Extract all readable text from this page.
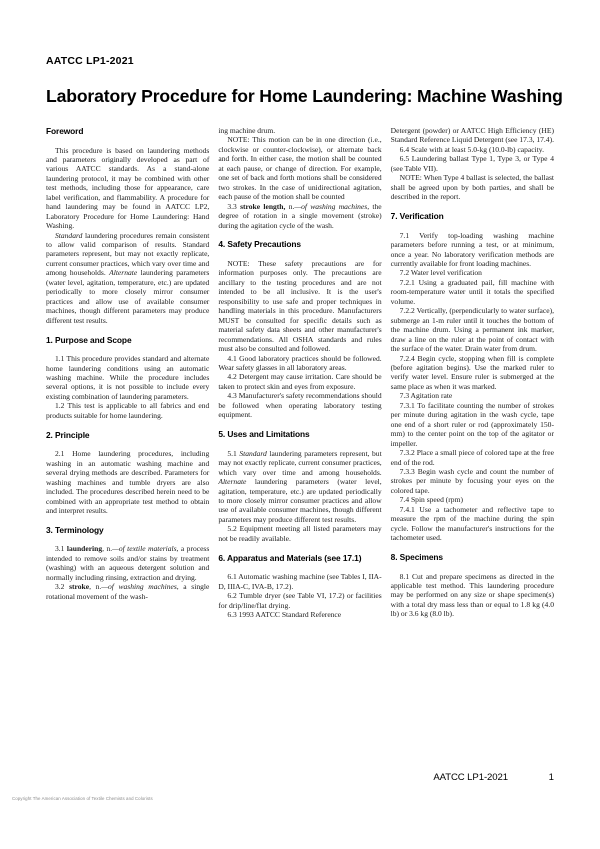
AATCC LP1-2021
Laboratory Procedure for Home Laundering: Machine Washing
Foreword

This procedure is based on laundering methods and parameters originally developed as part of various AATCC standards. As a stand-alone laundering protocol, it may be combined with other test methods, including those for appearance, care label verification, and flammability. A procedure for hand laundering may be found in AATCC LP2, Laboratory Procedure for Home Laundering: Hand Washing.

Standard laundering procedures remain consistent to allow valid comparison of results. Standard parameters represent, but may not exactly replicate, current consumer practices, which vary over time and among households. Alternate laundering parameters (water level, agitation, temperature, etc.) are updated periodically to more closely mirror consumer practices and allow use of available consumer machines, though different parameters may produce different test results.

1. Purpose and Scope

1.1 This procedure provides standard and alternate home laundering conditions using an automatic washing machine. While the procedure includes several options, it is not possible to include every existing combination of laundering parameters.

1.2 This test is applicable to all fabrics and end products suitable for home laundering.

2. Principle

2.1 Home laundering procedures, including washing in an automatic washing machine and several drying methods are described. Parameters for washing machines and tumble dryers are also included. The procedures described herein need to be combined with an appropriate test method to obtain and interpret results.

3. Terminology

3.1 laundering, n.—of textile materials, a process intended to remove soils and/or stains by treatment (washing) with an aqueous detergent solution and normally including rinsing, extraction and drying.

3.2 stroke, n.—of washing machines, a single rotational movement of the wash-

ing machine drum.

NOTE: This motion can be in one direction (i.e., clockwise or counter-clockwise), or alternate back and forth. In either case, the motion shall be counted at each pause, or change of direction. For example, one set of back and forth motions shall be considered two strokes. In the case of unidirectional agitation, each pause of the motion shall be counted

3.3 stroke length, n.—of washing machines, the degree of rotation in a single movement (stroke) during the agitation cycle of the wash.

4. Safety Precautions

NOTE: These safety precautions are for information purposes only. The precautions are ancillary to the testing procedures and are not intended to be all inclusive. It is the user's responsibility to use safe and proper techniques in handling materials in this procedure. Manufacturers MUST be consulted for specific details such as material safety data sheets and other manufacturer's recommendations. All OSHA standards and rules must also be consulted and followed.

4.1 Good laboratory practices should be followed. Wear safety glasses in all laboratory areas.

4.2 Detergent may cause irritation. Care should be taken to protect skin and eyes from exposure.

4.3 Manufacturer's safety recommendations should be followed when operating laboratory testing equipment.

5. Uses and Limitations

5.1 Standard laundering parameters represent, but may not exactly replicate, current consumer practices, which vary over time and among households. Alternate laundering parameters (water level, agitation, temperature, etc.) are updated periodically to more closely mirror consumer practices and allow use of available consumer machines, though different parameters may produce different test results.

5.2 Equipment meeting all listed parameters may not be readily available.

6. Apparatus and Materials (see 17.1)

6.1 Automatic washing machine (see Tables I, IIA-D, IIIA-C, IVA-B, 17.2).

6.2 Tumble dryer (see Table VI, 17.2) or facilities for drip/line/flat drying.

6.3 1993 AATCC Standard Reference

Detergent (powder) or AATCC High Efficiency (HE) Standard Reference Liquid Detergent (see 17.3, 17.4).

6.4 Scale with at least 5.0-kg (10.0-lb) capacity.

6.5 Laundering ballast Type 1, Type 3, or Type 4 (see Table VII).

NOTE: When Type 4 ballast is selected, the ballast shall be agreed upon by both parties, and shall be described in the report.

7. Verification

7.1 Verify top-loading washing machine parameters before running a test, or at minimum, once a year. No laboratory verification methods are currently available for front loading machines.

7.2 Water level verification

7.2.1 Using a graduated pail, fill machine with room-temperature water until it totals the specified volume.

7.2.2 Vertically, (perpendicularly to water surface), submerge an 1-m ruler until it touches the bottom of the machine drum. Using a permanent ink marker, draw a line on the ruler at the point of contact with the surface of the water. Drain water from drum.

7.2.4 Begin cycle, stopping when fill is complete (before agitation begins). Use the marked ruler to verify water level. Ensure ruler is submerged at the same place as when it was marked.

7.3 Agitation rate

7.3.1 To facilitate counting the number of strokes per minute during agitation in the wash cycle, tape one end of a short ruler or rod (approximately 150-mm) to the center point on the top of the agitator or impeller.

7.3.2 Place a small piece of colored tape at the free end of the rod.

7.3.3 Begin wash cycle and count the number of strokes per minute by focusing your eyes on the colored tape.

7.4 Spin speed (rpm)

7.4.1 Use a tachometer and reflective tape to measure the rpm of the machine during the spin cycle. Follow the manufacturer's instructions for the tachometer used.

8. Specimens

8.1 Cut and prepare specimens as directed in the applicable test method. This laundering procedure may be performed on any size or shape specimen(s) with a total dry mass less than or equal to 1.8 kg (4.0 lb) or 3.6 kg (8.0 lb).

AATCC LP1-2021	1
Copyright The American Association of Textile Chemists and Colorists
